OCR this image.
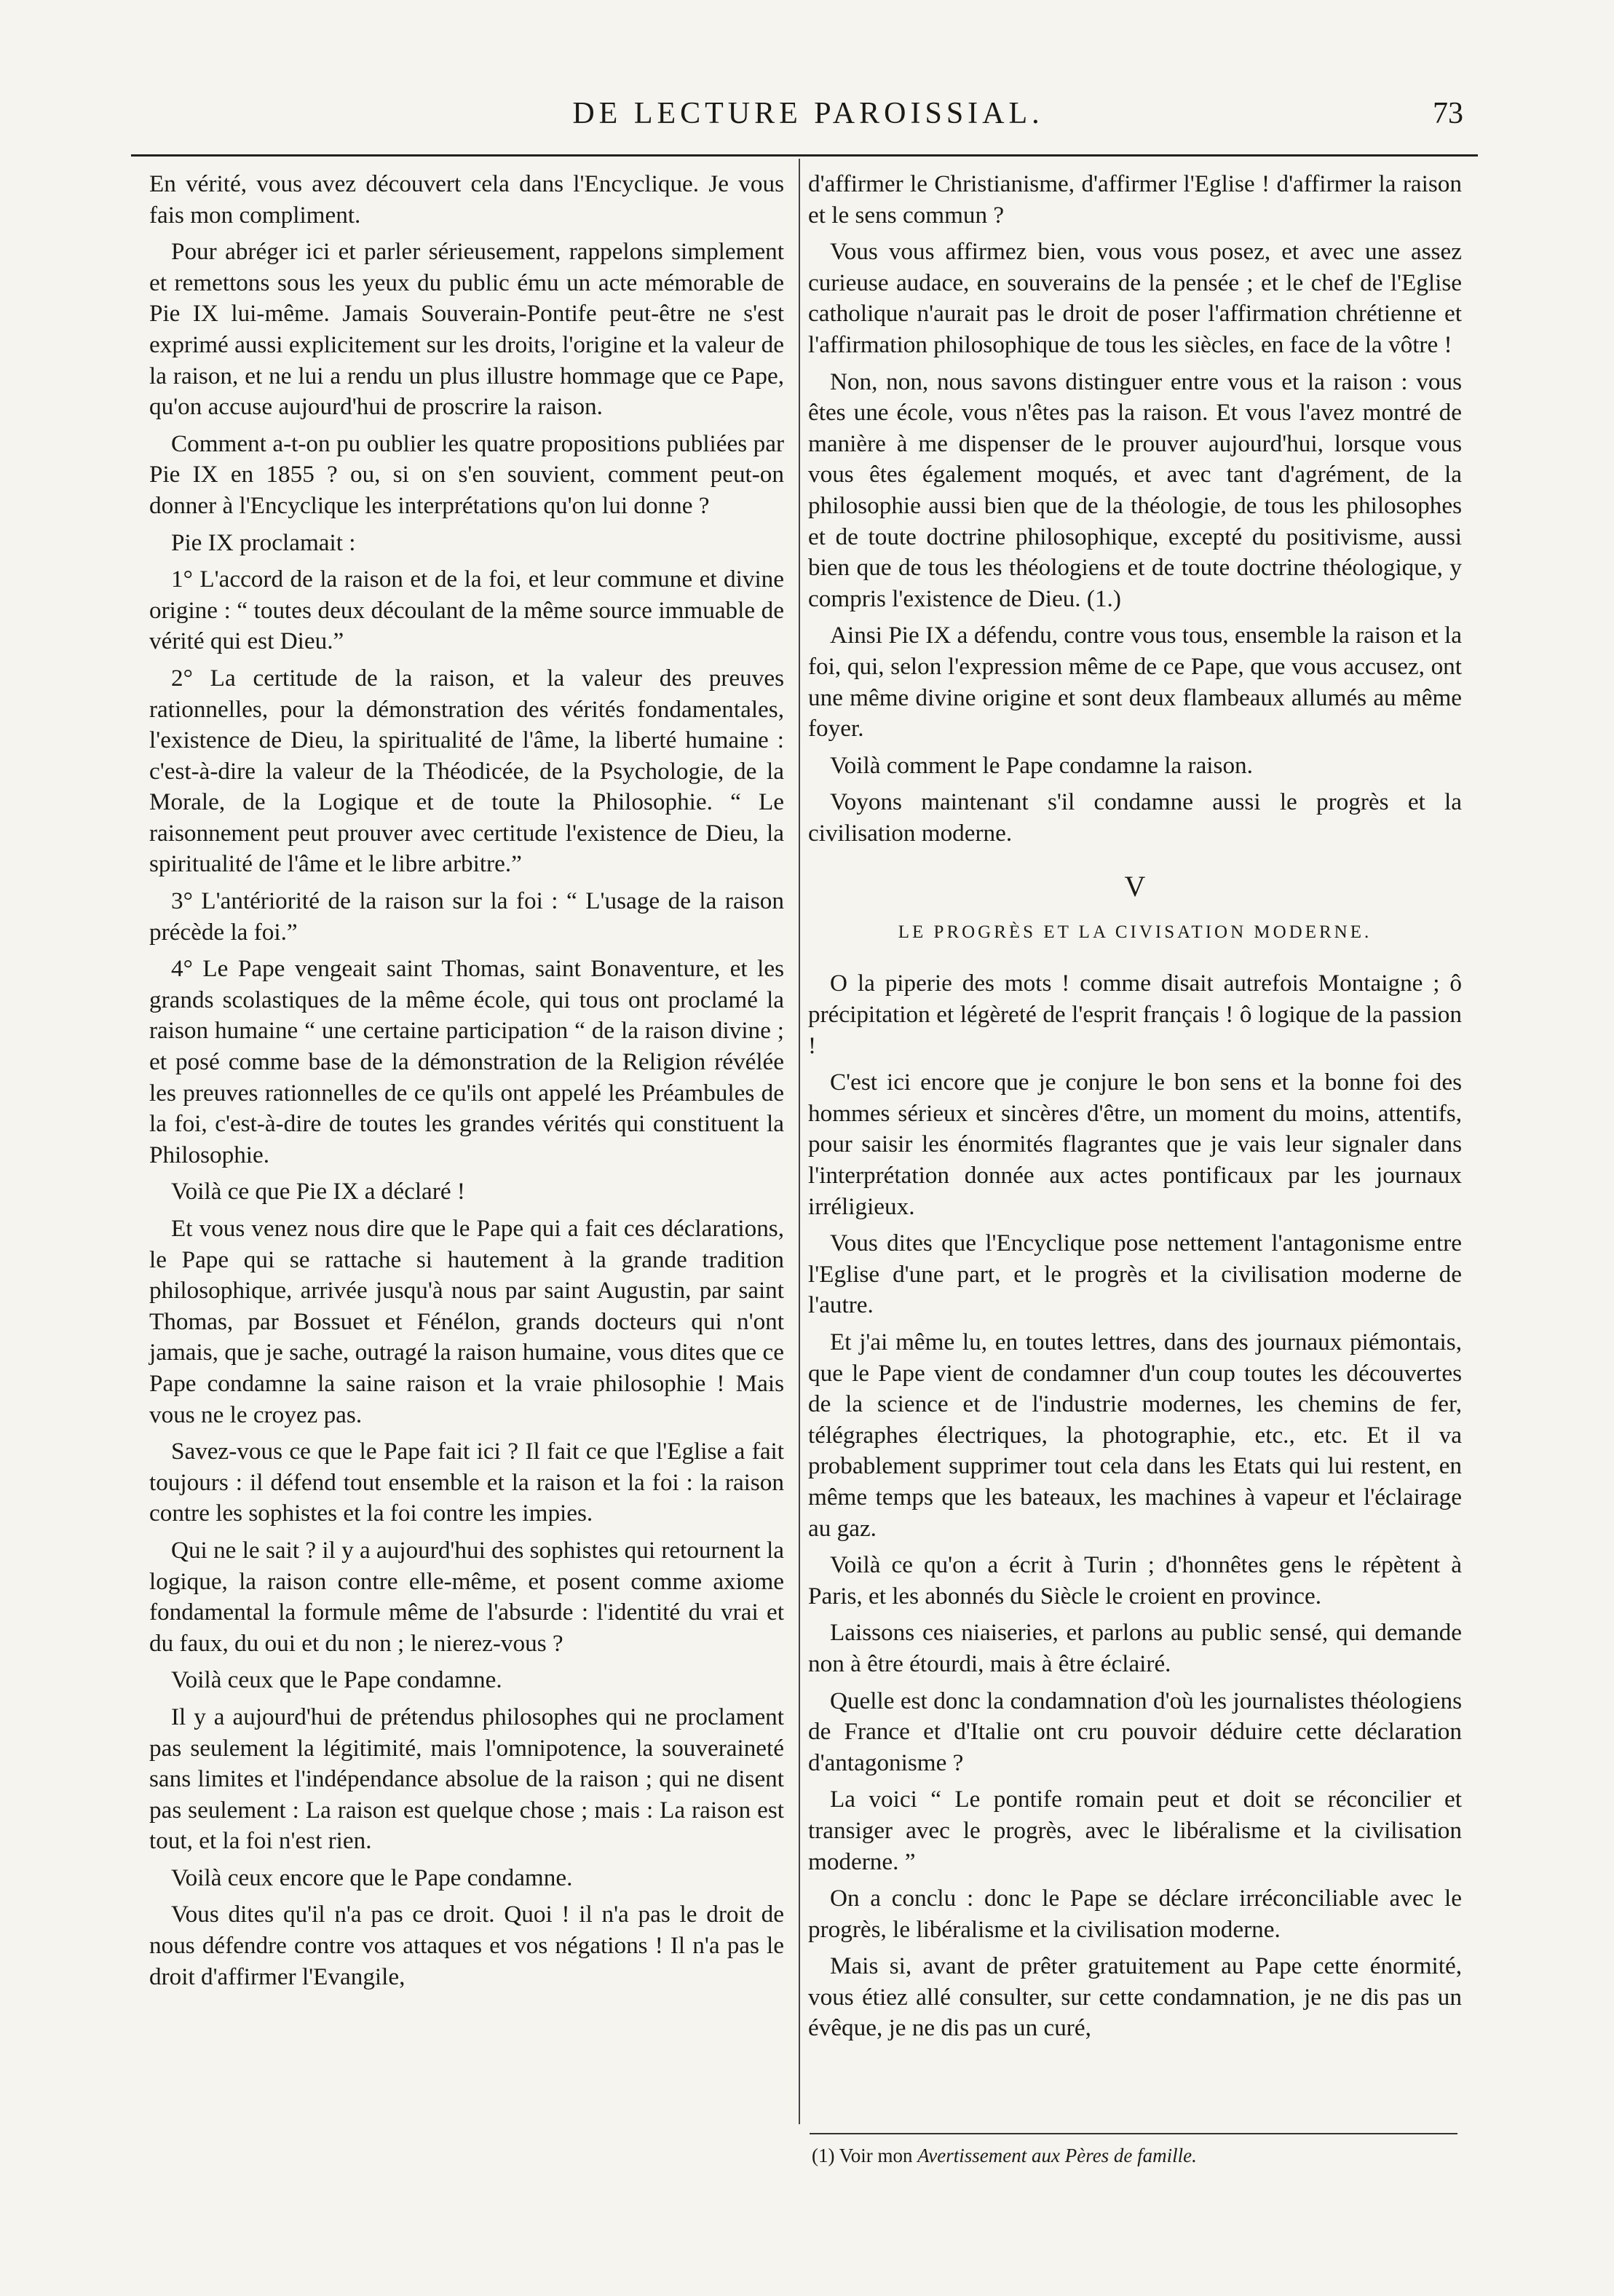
DE LECTURE PAROISSIAL.	73

En vérité, vous avez découvert cela dans l'Encyclique. Je vous fais mon compliment.

Pour abréger ici et parler sérieusement, rappelons simplement et remettons sous les yeux du public ému un acte mémorable de Pie IX lui-même. Jamais Souverain-Pontife peut-être ne s'est exprimé aussi explicitement sur les droits, l'origine et la valeur de la raison, et ne lui a rendu un plus illustre hommage que ce Pape, qu'on accuse aujourd'hui de proscrire la raison.

Comment a-t-on pu oublier les quatre propositions publiées par Pie IX en 1855 ? ou, si on s'en souvient, comment peut-on donner à l'Encyclique les interprétations qu'on lui donne ?

Pie IX proclamait :

1° L'accord de la raison et de la foi, et leur commune et divine origine : “ toutes deux découlant de la même source immuable de vérité qui est Dieu.”

2° La certitude de la raison, et la valeur des preuves rationnelles, pour la démonstration des vérités fondamentales, l'existence de Dieu, la spiritualité de l'âme, la liberté humaine : c'est-à-dire la valeur de la Théodicée, de la Psychologie, de la Morale, de la Logique et de toute la Philosophie. “ Le raisonnement peut prouver avec certitude l'existence de Dieu, la spiritualité de l'âme et le libre arbitre.”

3° L'antériorité de la raison sur la foi : “ L'usage de la raison précède la foi.”

4° Le Pape vengeait saint Thomas, saint Bonaventure, et les grands scolastiques de la même école, qui tous ont proclamé la raison humaine “ une certaine participation “ de la raison divine ; et posé comme base de la démonstration de la Religion révélée les preuves rationnelles de ce qu'ils ont appelé les Préambules de la foi, c'est-à-dire de toutes les grandes vérités qui constituent la Philosophie.

Voilà ce que Pie IX a déclaré !

Et vous venez nous dire que le Pape qui a fait ces déclarations, le Pape qui se rattache si hautement à la grande tradition philosophique, arrivée jusqu'à nous par saint Augustin, par saint Thomas, par Bossuet et Fénélon, grands docteurs qui n'ont jamais, que je sache, outragé la raison humaine, vous dites que ce Pape condamne la saine raison et la vraie philosophie ! Mais vous ne le croyez pas.

Savez-vous ce que le Pape fait ici ? Il fait ce que l'Eglise a fait toujours : il défend tout ensemble et la raison et la foi : la raison contre les sophistes et la foi contre les impies.

Qui ne le sait ? il y a aujourd'hui des sophistes qui retournent la logique, la raison contre elle-même, et posent comme axiome fondamental la formule même de l'absurde : l'identité du vrai et du faux, du oui et du non ; le nierez-vous ?

Voilà ceux que le Pape condamne.

Il y a aujourd'hui de prétendus philosophes qui ne proclament pas seulement la légitimité, mais l'omnipotence, la souveraineté sans limites et l'indépendance absolue de la raison ; qui ne disent pas seulement : La raison est quelque chose ; mais : La raison est tout, et la foi n'est rien.

Voilà ceux encore que le Pape condamne.

Vous dites qu'il n'a pas ce droit. Quoi ! il n'a pas le droit de nous défendre contre vos attaques et vos négations ! Il n'a pas le droit d'affirmer l'Evangile,

d'affirmer le Christianisme, d'affirmer l'Eglise ! d'affirmer la raison et le sens commun ?

Vous vous affirmez bien, vous vous posez, et avec une assez curieuse audace, en souverains de la pensée ; et le chef de l'Eglise catholique n'aurait pas le droit de poser l'affirmation chrétienne et l'affirmation philosophique de tous les siècles, en face de la vôtre !

Non, non, nous savons distinguer entre vous et la raison : vous êtes une école, vous n'êtes pas la raison. Et vous l'avez montré de manière à me dispenser de le prouver aujourd'hui, lorsque vous vous êtes également moqués, et avec tant d'agrément, de la philosophie aussi bien que de la théologie, de tous les philosophes et de toute doctrine philosophique, excepté du positivisme, aussi bien que de tous les théologiens et de toute doctrine théologique, y compris l'existence de Dieu. (1.)

Ainsi Pie IX a défendu, contre vous tous, ensemble la raison et la foi, qui, selon l'expression même de ce Pape, que vous accusez, ont une même divine origine et sont deux flambeaux allumés au même foyer.

Voilà comment le Pape condamne la raison.

Voyons maintenant s'il condamne aussi le progrès et la civilisation moderne.

V
LE PROGRÈS ET LA CIVISATION MODERNE.

O la piperie des mots ! comme disait autrefois Montaigne ; ô précipitation et légèreté de l'esprit français ! ô logique de la passion !

C'est ici encore que je conjure le bon sens et la bonne foi des hommes sérieux et sincères d'être, un moment du moins, attentifs, pour saisir les énormités flagrantes que je vais leur signaler dans l'interprétation donnée aux actes pontificaux par les journaux irréligieux.

Vous dites que l'Encyclique pose nettement l'antagonisme entre l'Eglise d'une part, et le progrès et la civilisation moderne de l'autre.

Et j'ai même lu, en toutes lettres, dans des journaux piémontais, que le Pape vient de condamner d'un coup toutes les découvertes de la science et de l'industrie modernes, les chemins de fer, télégraphes électriques, la photographie, etc., etc. Et il va probablement supprimer tout cela dans les Etats qui lui restent, en même temps que les bateaux, les machines à vapeur et l'éclairage au gaz.

Voilà ce qu'on a écrit à Turin ; d'honnêtes gens le répètent à Paris, et les abonnés du Siècle le croient en province.

Laissons ces niaiseries, et parlons au public sensé, qui demande non à être étourdi, mais à être éclairé.

Quelle est donc la condamnation d'où les journalistes théologiens de France et d'Italie ont cru pouvoir déduire cette déclaration d'antagonisme ?

La voici “ Le pontife romain peut et doit se réconcilier et transiger avec le progrès, avec le libéralisme et la civilisation moderne. ”

On a conclu : donc le Pape se déclare irréconciliable avec le progrès, le libéralisme et la civilisation moderne.

Mais si, avant de prêter gratuitement au Pape cette énormité, vous étiez allé consulter, sur cette condamnation, je ne dis pas un évêque, je ne dis pas un curé,

(1) Voir mon Avertissement aux Pères de famille.
